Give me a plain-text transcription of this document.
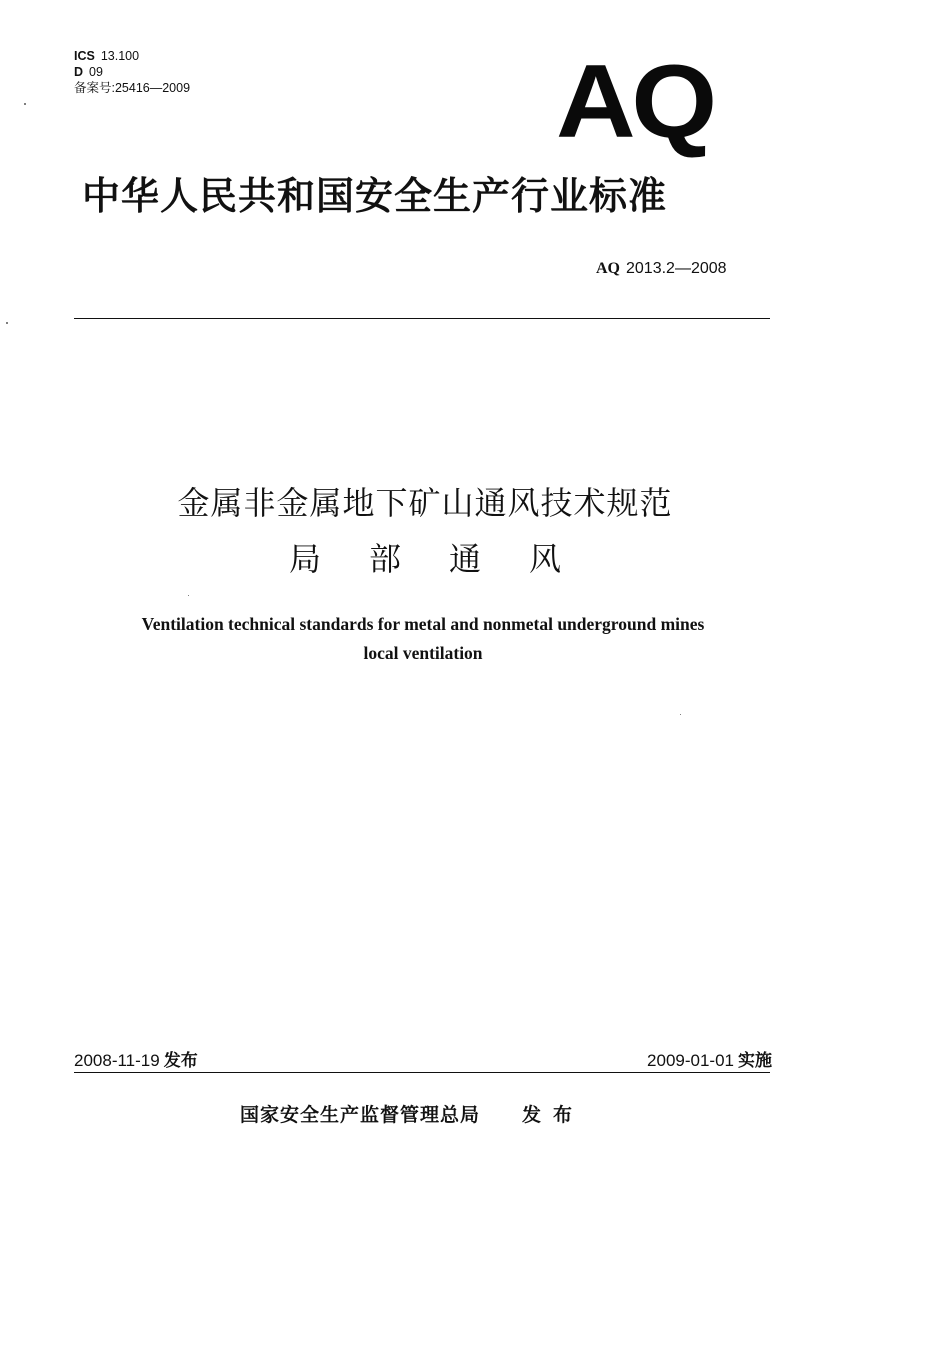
ICS 13.100
D 09
备案号:25416—2009	AQ
中华人民共和国安全生产行业标准
AQ 2013.2—2008
金属非金属地下矿山通风技术规范
局部通风
Ventilation technical standards for metal and nonmetal underground mines
local ventilation
2008-11-19 发布	2009-01-01 实施
国家安全生产监督管理总局 发布
